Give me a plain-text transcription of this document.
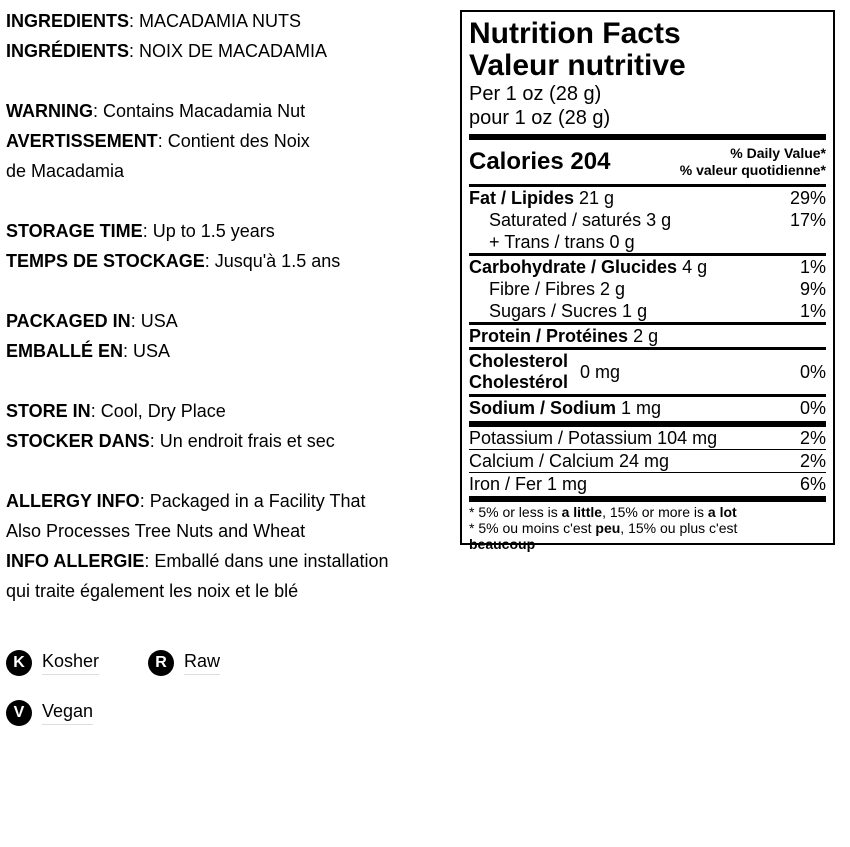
INGREDIENTS: MACADAMIA NUTS
INGRÉDIENTS: NOIX DE MACADAMIA
WARNING: Contains Macadamia Nut
AVERTISSEMENT: Contient des Noix
de Macadamia
STORAGE TIME: Up to 1.5 years
TEMPS DE STOCKAGE: Jusqu'à 1.5 ans
PACKAGED IN: USA
EMBALLÉ EN: USA
STORE IN: Cool, Dry Place
STOCKER DANS: Un endroit frais et sec
ALLERGY INFO: Packaged in a Facility That
Also Processes Tree Nuts and Wheat
INFO ALLERGIE: Emballé dans une installation
qui traite également les noix et le blé
K Kosher	R Raw
V Vegan
Nutrition Facts
Valeur nutritive
Per 1 oz (28 g)
pour 1 oz (28 g)
Calories 204	% Daily Value*
% valeur quotidienne*
Fat / Lipides 21 g	29%
Saturated / saturés 3 g	17%
+ Trans / trans 0 g
Carbohydrate / Glucides 4 g	1%
Fibre / Fibres 2 g	9%
Sugars / Sucres 1 g	1%
Protein / Protéines 2 g
Cholesterol
Cholestérol
0 mg	0%
Sodium / Sodium 1 mg	0%
Potassium / Potassium 104 mg	2%
Calcium / Calcium 24 mg	2%
Iron / Fer 1 mg	6%
* 5% or less is a little, 15% or more is a lot
* 5% ou moins c'est peu, 15% ou plus c'est
beaucoup
